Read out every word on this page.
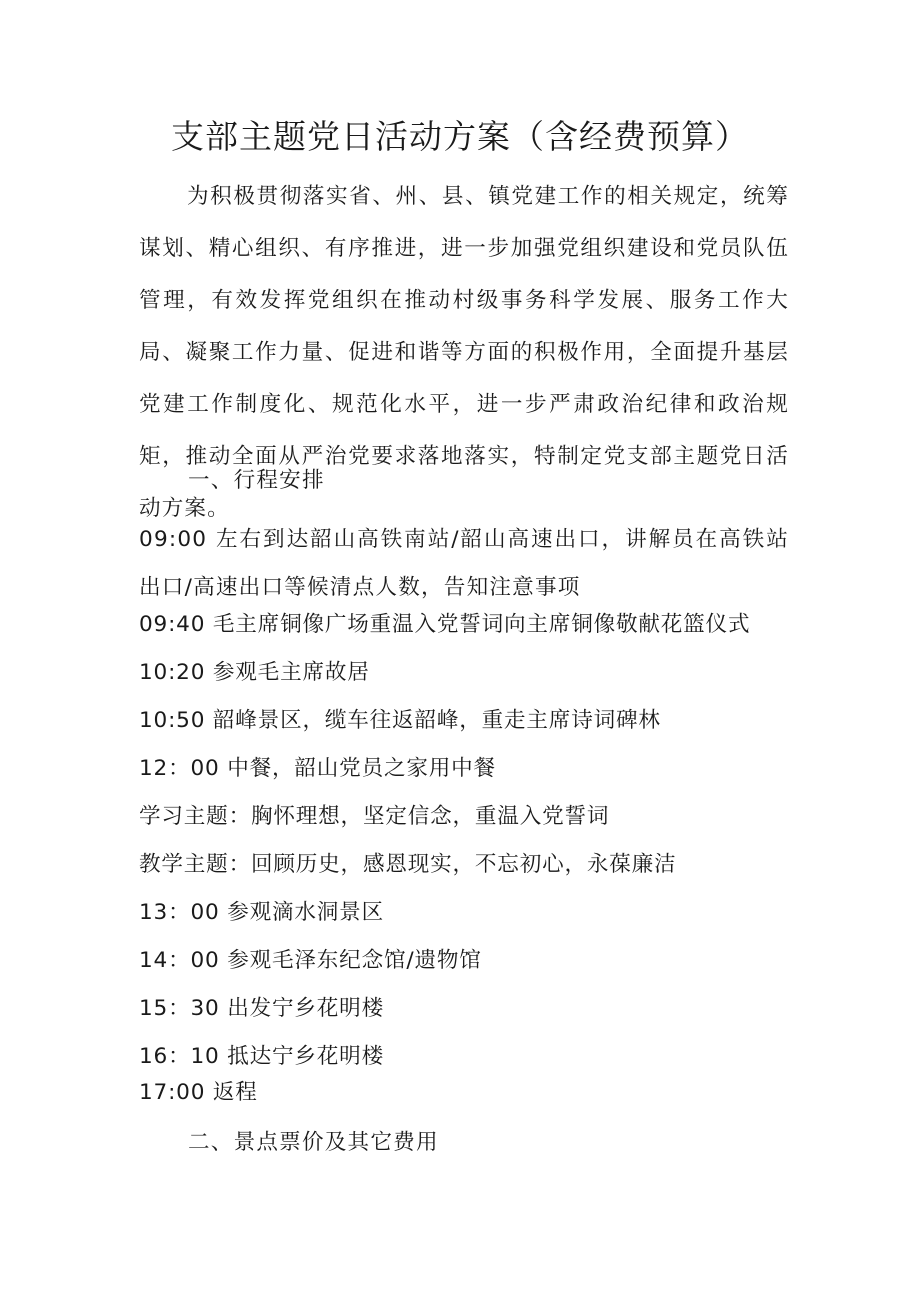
支部主题党日活动方案（含经费预算）

为积极贯彻落实省、州、县、镇党建工作的相关规定，统筹谋划、精心组织、有序推进，进一步加强党组织建设和党员队伍管理，有效发挥党组织在推动村级事务科学发展、服务工作大局、凝聚工作力量、促进和谐等方面的积极作用，全面提升基层党建工作制度化、规范化水平，进一步严肃政治纪律和政治规矩，推动全面从严治党要求落地落实，特制定党支部主题党日活动方案。

一、行程安排

09:00 左右到达韶山高铁南站/韶山高速出口，讲解员在高铁站出口/高速出口等候清点人数，告知注意事项

09:40 毛主席铜像广场重温入党誓词向主席铜像敬献花篮仪式
10:20 参观毛主席故居
10:50 韶峰景区，缆车往返韶峰，重走主席诗词碑林
12：00 中餐，韶山党员之家用中餐
学习主题：胸怀理想，坚定信念，重温入党誓词
教学主题：回顾历史，感恩现实，不忘初心，永葆廉洁
13：00 参观滴水洞景区
14：00 参观毛泽东纪念馆/遗物馆
15：30 出发宁乡花明楼
16：10 抵达宁乡花明楼
17:00 返程
二、景点票价及其它费用
